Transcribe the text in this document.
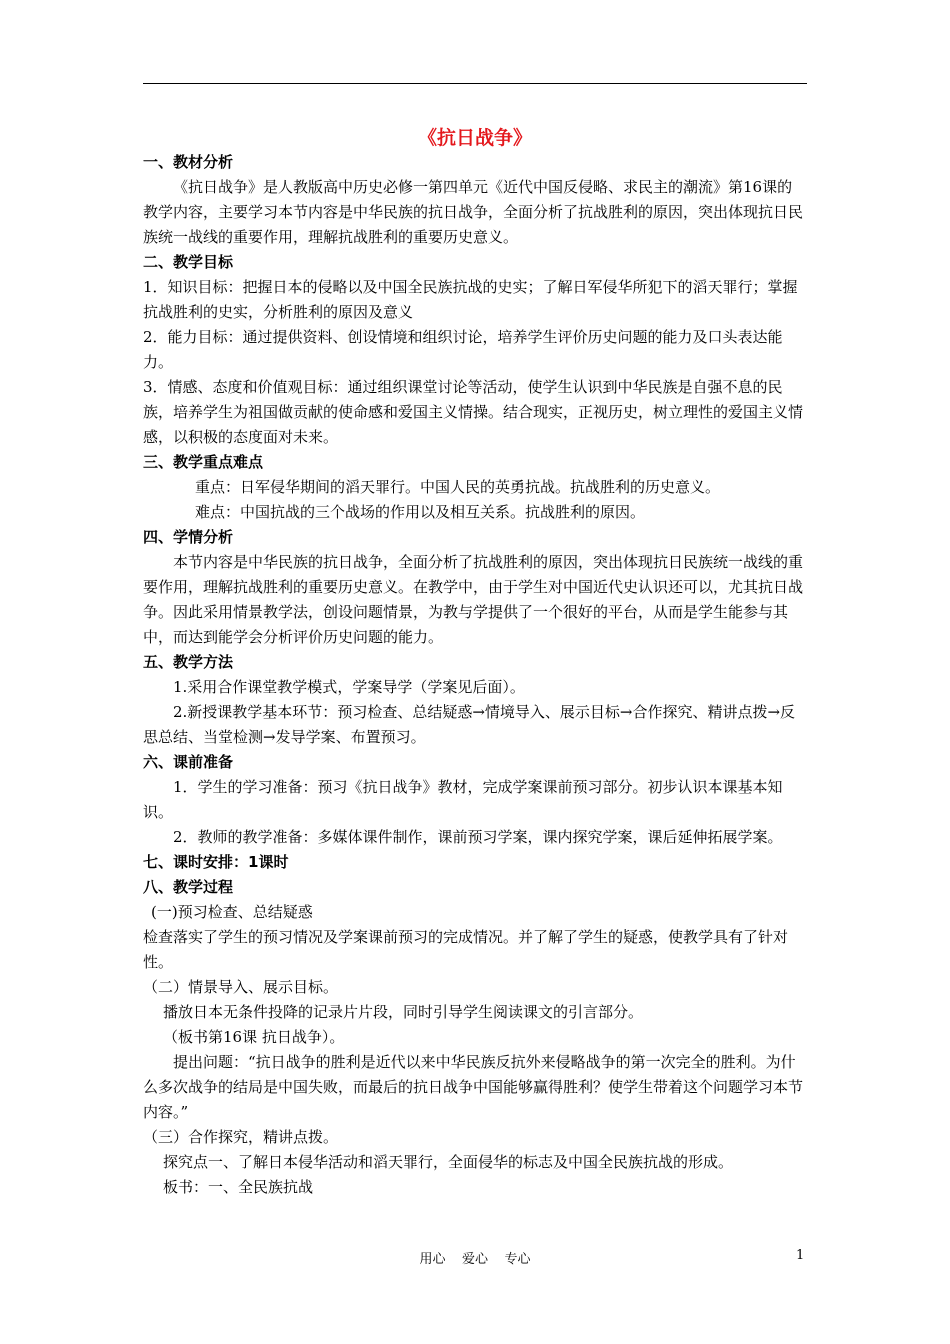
《抗日战争》

一、教材分析

《抗日战争》是人教版高中历史必修一第四单元《近代中国反侵略、求民主的潮流》第16课的教学内容，主要学习本节内容是中华民族的抗日战争，全面分析了抗战胜利的原因，突出体现抗日民族统一战线的重要作用，理解抗战胜利的重要历史意义。

二、教学目标

1．知识目标：把握日本的侵略以及中国全民族抗战的史实；了解日军侵华所犯下的滔天罪行；掌握抗战胜利的史实，分析胜利的原因及意义

2．能力目标：通过提供资料、创设情境和组织讨论，培养学生评价历史问题的能力及口头表达能力。

3．情感、态度和价值观目标：通过组织课堂讨论等活动，使学生认识到中华民族是自强不息的民族，培养学生为祖国做贡献的使命感和爱国主义情操。结合现实，正视历史，树立理性的爱国主义情感，以积极的态度面对未来。

三、教学重点难点

重点：日军侵华期间的滔天罪行。中国人民的英勇抗战。抗战胜利的历史意义。

难点：中国抗战的三个战场的作用以及相互关系。抗战胜利的原因。

四、学情分析

本节内容是中华民族的抗日战争，全面分析了抗战胜利的原因，突出体现抗日民族统一战线的重要作用，理解抗战胜利的重要历史意义。在教学中，由于学生对中国近代史认识还可以，尤其抗日战争。因此采用情景教学法，创设问题情景，为教与学提供了一个很好的平台，从而是学生能参与其中，而达到能学会分析评价历史问题的能力。

五、教学方法

1.采用合作课堂教学模式，学案导学（学案见后面）。

2.新授课教学基本环节：预习检查、总结疑惑→情境导入、展示目标→合作探究、精讲点拨→反思总结、当堂检测→发导学案、布置预习。

六、课前准备

1．学生的学习准备：预习《抗日战争》教材，完成学案课前预习部分。初步认识本课基本知识。

2．教师的教学准备：多媒体课件制作，课前预习学案，课内探究学案，课后延伸拓展学案。

七、课时安排：1课时

八、教学过程

(一)预习检查、总结疑惑

检查落实了学生的预习情况及学案课前预习的完成情况。并了解了学生的疑惑，使教学具有了针对性。

（二）情景导入、展示目标。

播放日本无条件投降的记录片片段，同时引导学生阅读课文的引言部分。

（板书第16课 抗日战争）。

提出问题：“抗日战争的胜利是近代以来中华民族反抗外来侵略战争的第一次完全的胜利。为什么多次战争的结局是中国失败，而最后的抗日战争中国能够赢得胜利？使学生带着这个问题学习本节内容。”

（三）合作探究，精讲点拨。

探究点一、了解日本侵华活动和滔天罪行，全面侵华的标志及中国全民族抗战的形成。

板书：一、全民族抗战

用心    爱心    专心	1
